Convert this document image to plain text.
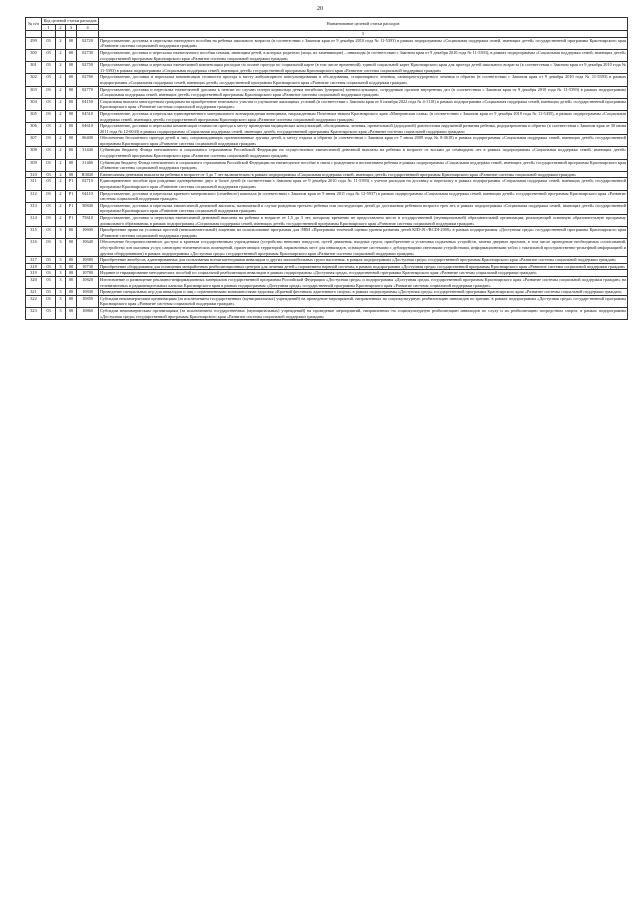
20
№ п/п	Код целевой статьи расходов				Наименование целевой статьи расходов
	1	2	3	4	
					5
299	03	2	00	02720	Предоставление, доставка и пересылка ежегодного пособия на ребенка школьного возраста (в соответствии с Законом края от 9 декабря 2010 года № 11-5393) в рамках подпрограммы «Социальная поддержка семей, имеющих детей» государственной программы Красноярского края «Развитие системы социальной поддержки граждан»
300	03	2	00	02730	Предоставление, доставка и пересылка ежемесячного пособия семьям, имеющим детей, в которых родители (лица, их заменяющие) – инвалиды (в соответствии с Законом края от 9 декабря 2010 года № 11-5393), в рамках подпрограммы «Социальная поддержка семей, имеющих детей» государственной программы Красноярского края «Развитие системы социальной поддержки граждан»
301	03	2	00	02750	Предоставление, доставка и пересылка ежемесячной компенсации расходов по оплате проезда по социальной карте (в том числе временной), единой социальной карте Красноярского края для проезда детей школьного возраста (в соответствии с Законом края от 9 декабря 2010 года № 11-5393) в рамках подпрограммы «Социальная поддержка семей, имеющих детей» государственной программы Красноярского края «Развитие системы социальной поддержки граждан»
302	03	2	00	02760	Предоставление, доставка и пересылка компенсации стоимости проезда к месту амбулаторного консультирования и обследования, стационарного лечения, санаторно-курортного лечения и обратно (в соответствии с Законом края от 9 декабря 2010 года № 11-5393) в рамках подпрограммы «Социальная поддержка семей, имеющих детей» государственной программы Красноярского края «Развитие системы социальной поддержки граждан»
303	03	2	00	02770	Предоставление, доставка и пересылка ежемесячной доплаты к пенсии по случаю потери кормильца детям погибших (умерших) военнослужащих, сотрудников органов внутренних дел (в соответствии с Законом края от 9 декабря 2010 года № 11-5393) в рамках подпрограммы «Социальная поддержка семей, имеющих детей» государственной программы Красноярского края «Развитие системы социальной поддержки граждан»
304	03	2	00	04150	Социальная выплата многодетным гражданам на приобретение земельного участка и улучшение жилищных условий (в соответствии с Законом края от 6 октября 2022 года № 4-1118) в рамках подпрограммы «Социальная поддержка семей, имеющих детей» государственной программы Красноярского края «Развитие системы социальной поддержки граждан»
305	03	2	00	04510	Предоставление, доставка и пересылка единовременного материального вознаграждения женщинам, награжденным Почетным знаком Красноярского края «Материнская слава» (в соответствии с Законом края от 9 декабря 2010 года № 11-5435), в рамках подпрограммы «Социальная поддержка семей, имеющих детей» государственной программы Красноярского края «Развитие системы социальной поддержки граждан»
306	03	2	00	04610	Предоставление, доставка и пересылка компенсации стоимости проезда к месту проведения медицинских консультаций, обследования, лечения, пренатальной (дородовой) диагностики нарушений развития ребенка, родоразрешения и обратно (в соответствии с Законом края от 30 июня 2011 года № 12-6043) в рамках подпрограммы «Социальная поддержка семей, имеющих детей» государственной программы Красноярского края «Развитие системы социальной поддержки граждан»
307	03	2	00	06400	Обеспечение бесплатного проезда детей и лиц, сопровождающих организованные группы детей, к месту отдыха и обратно (в соответствии с Законом края от 7 июля 2009 года № 8-3618) в рамках подпрограммы «Социальная поддержка семей, имеющих детей» государственной программы Красноярского края «Развитие системы социальной поддержки граждан»
308	03	2	00	31440	Субвенция бюджету Фонда пенсионного и социального страхования Российской Федерации на осуществление ежемесячной денежной выплаты на ребенка в возрасте от восьми до семнадцати лет в рамках подпрограммы «Социальная поддержка семей, имеющих детей» государственной программы Красноярского края «Развитие системы социальной поддержки граждан»
309	03	2	00	31460	Субвенция бюджету Фонда пенсионного и социального страхования Российской Федерации на ежемесячное пособие в связи с рождением и воспитанием ребенка в рамках подпрограммы «Социальная поддержка семей, имеющих детей» государственной программы Красноярского края «Развитие системы социальной поддержки граждан»
310	03	2	00	R3020	Ежемесячная денежная выплата на ребенка в возрасте от 3 до 7 лет включительно в рамках подпрограммы «Социальная поддержка семей, имеющих детей» государственной программы Красноярского края «Развитие системы социальной поддержки граждан»
311	03	2	P1	02710	Единовременное пособие при рождении одновременно двух и более детей (в соответствии с Законом края от 9 декабря 2010 года № 11-5393) с учетом расходов на доставку и пересылку в рамках подпрограммы «Социальная поддержка семей, имеющих детей» государственной программы Красноярского края «Развитие системы социальной поддержки граждан»
312	03	2	P1	04110	Предоставление, доставка и пересылка краевого материнского (семейного) капитала (в соответствии с Законом края от 9 июня 2011 года № 12-5937) в рамках подпрограммы «Социальная поддержка семей, имеющих детей» государственной программы Красноярского края «Развитие системы социальной поддержки граждан»
313	03	2	P1	50840	Предоставление, доставка и пересылка ежемесячной денежной выплаты, назначаемой в случае рождения третьего ребенка или последующих детей до достижения ребенком возраста трех лет, в рамках подпрограммы «Социальная поддержка семей, имеющих детей» государственной программы Красноярского края «Развитие системы социальной поддержки граждан»
314	03	2	P1	75610	Предоставление, доставка и пересылка ежемесячной денежной выплаты на ребенка в возрасте от 1,5 до 3 лет, которому временно не предоставлено место в государственной (муниципальной) образовательной организации, реализующей основную образовательную программу дошкольного образования, в рамках подпрограммы «Социальная поддержка семей, имеющих детей» государственной программы Красноярского края «Развитие системы социальной поддержки граждан»
315	03	3	00	10600	Приобретение права на условиях простой (неисключительной) лицензии на использование программы для ЭВМ «Программы точечной оценки уровня развития детей KID<R>/RCDI-2000» в рамках подпрограммы «Доступная среда» государственной программы Красноярского края «Развитие системы социальной поддержки граждан»
316	03	3	00	10640	Обеспечение беспрепятственного доступа к краевым государственным учреждениям (устройство внешних пандусов, путей движения, входных групп, приобретение и установка подъемных устройств, замена дверных проемов, в том числе проведение необходимых согласований, обустройство зон оказания услуг, санитарно-гигиенических помещений, прилегающих территорий, парковочных мест для инвалидов, оснащение системами с дублирующими световыми устройствами, информационными табло с тактильной пространственно-рельефной информацией и другим оборудованием) в рамках подпрограммы «Доступная среда» государственной программы Красноярского края «Развитие системы социальной поддержки граждан»
317	03	3	00	10680	Приобретение автобусов, адаптированных для пользования всеми категориями инвалидов и других маломобильных групп населения, в рамках подпрограммы «Доступная среда» государственной программы Красноярского края «Развитие системы социальной поддержки граждан»
318	03	3	00	10730	Приобретение оборудования для оснащения межрайонных реабилитационных центров для лечения детей с поражением нервной системы, в рамках подпрограммы «Доступная среда» государственной программы Красноярского края «Развитие системы социальной поддержки граждан»
319	03	3	00	10780	Издание и тиражирование методических пособий по социальной реабилитации инвалидов в рамках подпрограммы «Доступная среда» государственной программы Красноярского края «Развитие системы социальной поддержки граждан»
320	03	3	00	10820	Изготовление и размещение рекламно-информационных материалов государственной программы Российской Федерации «Доступная среда» и подпрограммы «Доступная среда» государственной программы Красноярского края «Развитие системы социальной поддержки граждан» на телевизионных и радиовещательных каналах Красноярского края в рамках подпрограммы «Доступная среда» государственной программы Красноярского края «Развитие системы социальной поддержки граждан»
321	03	3	00	10840	Проведение специальных игр для инвалидов и лиц с ограниченными возможностями здоровья «Краевой фестиваль адаптивного спорта» в рамках подпрограммы «Доступная среда» государственной программы Красноярского края «Развитие системы социальной поддержки граждан»
322	03	3	00	10850	Субсидии некоммерческим организациям (за исключением государственных (муниципальных) учреждений) на проведение мероприятий, направленных на социокультурную реабилитацию инвалидов по зрению, в рамках подпрограммы «Доступная среда» государственной программы Красноярского края «Развитие системы социальной поддержки граждан»
323	03	3	00	10860	Субсидии некоммерческим организациям (за исключением государственных (муниципальных) учреждений) на проведение мероприятий, направленных на социокультурную реабилитацию инвалидов по слуху и их реабилитацию посредством спорта, в рамках подпрограммы «Доступная среда» государственной программы Красноярского края «Развитие системы социальной поддержки граждан»
